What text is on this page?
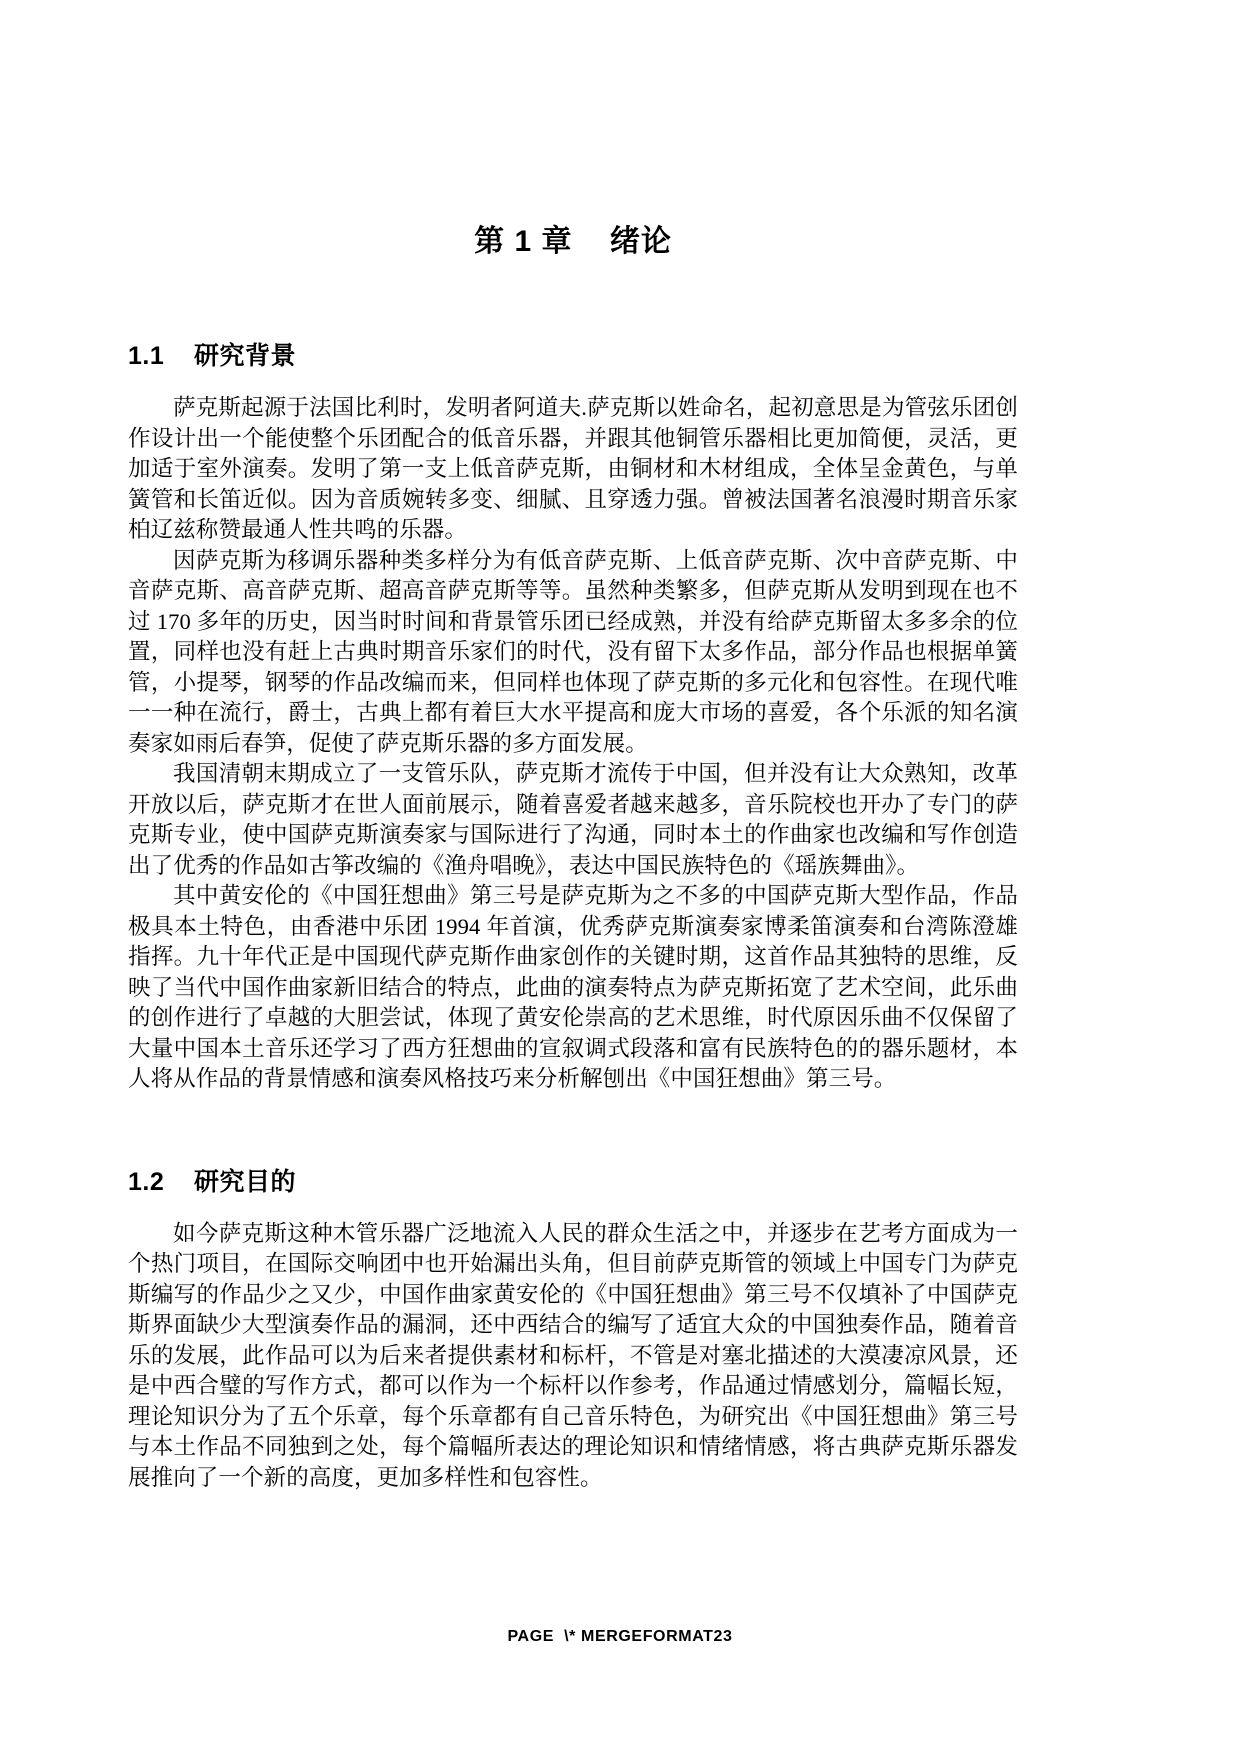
第 1 章    绪论
1.1    研究背景

萨克斯起源于法国比利时，发明者阿道夫.萨克斯以姓命名，起初意思是为管弦乐团创作设计出一个能使整个乐团配合的低音乐器，并跟其他铜管乐器相比更加简便，灵活，更加适于室外演奏。发明了第一支上低音萨克斯，由铜材和木材组成，全体呈金黄色，与单簧管和长笛近似。因为音质婉转多变、细腻、且穿透力强。曾被法国著名浪漫时期音乐家柏辽兹称赞最通人性共鸣的乐器。

因萨克斯为移调乐器种类多样分为有低音萨克斯、上低音萨克斯、次中音萨克斯、中音萨克斯、高音萨克斯、超高音萨克斯等等。虽然种类繁多，但萨克斯从发明到现在也不过 170 多年的历史，因当时时间和背景管乐团已经成熟，并没有给萨克斯留太多多余的位置，同样也没有赶上古典时期音乐家们的时代，没有留下太多作品，部分作品也根据单簧管，小提琴，钢琴的作品改编而来，但同样也体现了萨克斯的多元化和包容性。在现代唯一一种在流行，爵士，古典上都有着巨大水平提高和庞大市场的喜爱，各个乐派的知名演奏家如雨后春笋，促使了萨克斯乐器的多方面发展。

我国清朝末期成立了一支管乐队，萨克斯才流传于中国，但并没有让大众熟知，改革开放以后，萨克斯才在世人面前展示，随着喜爱者越来越多，音乐院校也开办了专门的萨克斯专业，使中国萨克斯演奏家与国际进行了沟通，同时本土的作曲家也改编和写作创造出了优秀的作品如古筝改编的《渔舟唱晚》，表达中国民族特色的《瑶族舞曲》。

其中黄安伦的《中国狂想曲》第三号是萨克斯为之不多的中国萨克斯大型作品，作品极具本土特色，由香港中乐团 1994 年首演，优秀萨克斯演奏家博柔笛演奏和台湾陈澄雄指挥。九十年代正是中国现代萨克斯作曲家创作的关键时期，这首作品其独特的思维，反映了当代中国作曲家新旧结合的特点，此曲的演奏特点为萨克斯拓宽了艺术空间，此乐曲的创作进行了卓越的大胆尝试，体现了黄安伦崇高的艺术思维，时代原因乐曲不仅保留了大量中国本土音乐还学习了西方狂想曲的宣叙调式段落和富有民族特色的的器乐题材，本人将从作品的背景情感和演奏风格技巧来分析解刨出《中国狂想曲》第三号。

1.2    研究目的

如今萨克斯这种木管乐器广泛地流入人民的群众生活之中，并逐步在艺考方面成为一个热门项目，在国际交响团中也开始漏出头角，但目前萨克斯管的领域上中国专门为萨克斯编写的作品少之又少，中国作曲家黄安伦的《中国狂想曲》第三号不仅填补了中国萨克斯界面缺少大型演奏作品的漏洞，还中西结合的编写了适宜大众的中国独奏作品，随着音乐的发展，此作品可以为后来者提供素材和标杆，不管是对塞北描述的大漠凄凉风景，还是中西合璧的写作方式，都可以作为一个标杆以作参考，作品通过情感划分，篇幅长短，理论知识分为了五个乐章，每个乐章都有自己音乐特色，为研究出《中国狂想曲》第三号与本土作品不同独到之处，每个篇幅所表达的理论知识和情绪情感，将古典萨克斯乐器发展推向了一个新的高度，更加多样性和包容性。

PAGE  \* MERGEFORMAT23
